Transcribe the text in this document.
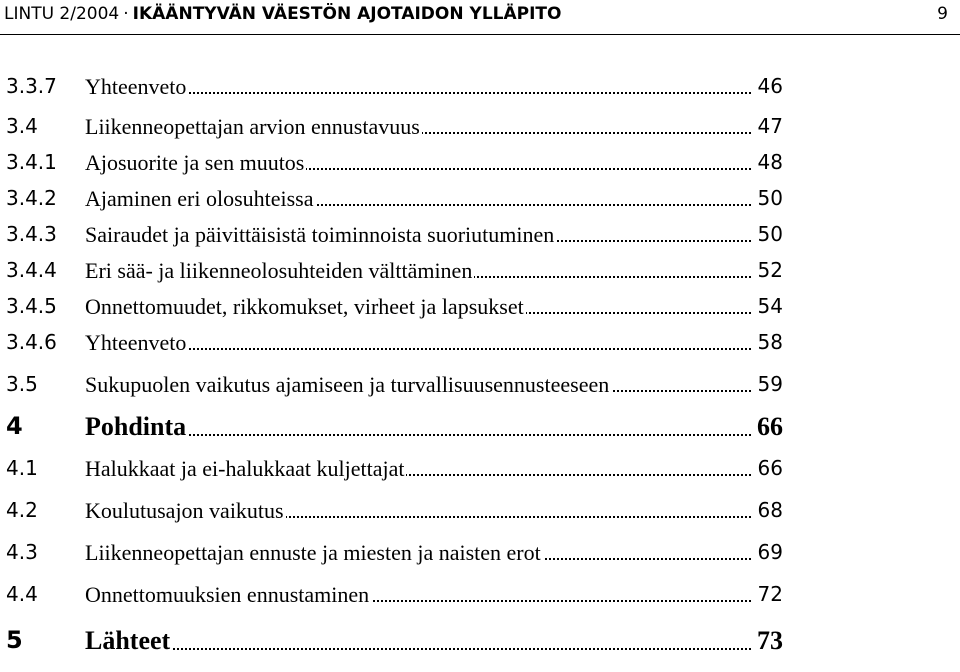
LINTU 2/2004 · IKÄÄNTYVÄN VÄESTÖN AJOTAIDON YLLÄPITO	9
3.3.7 Yhteenveto	46
3.4 Liikenneopettajan arvion ennustavuus	47
3.4.1 Ajosuorite ja sen muutos	48
3.4.2 Ajaminen eri olosuhteissa	50
3.4.3 Sairaudet ja päivittäisistä toiminnoista suoriutuminen	50
3.4.4 Eri sää- ja liikenneolosuhteiden välttäminen	52
3.4.5 Onnettomuudet, rikkomukset, virheet ja lapsukset	54
3.4.6 Yhteenveto	58
3.5 Sukupuolen vaikutus ajamiseen ja turvallisuusennusteeseen	59
4 Pohdinta	66
4.1 Halukkaat ja ei-halukkaat kuljettajat	66
4.2 Koulutusajon vaikutus	68
4.3 Liikenneopettajan ennuste ja miesten ja naisten erot	69
4.4 Onnettomuuksien ennustaminen	72
5 Lähteet	73
